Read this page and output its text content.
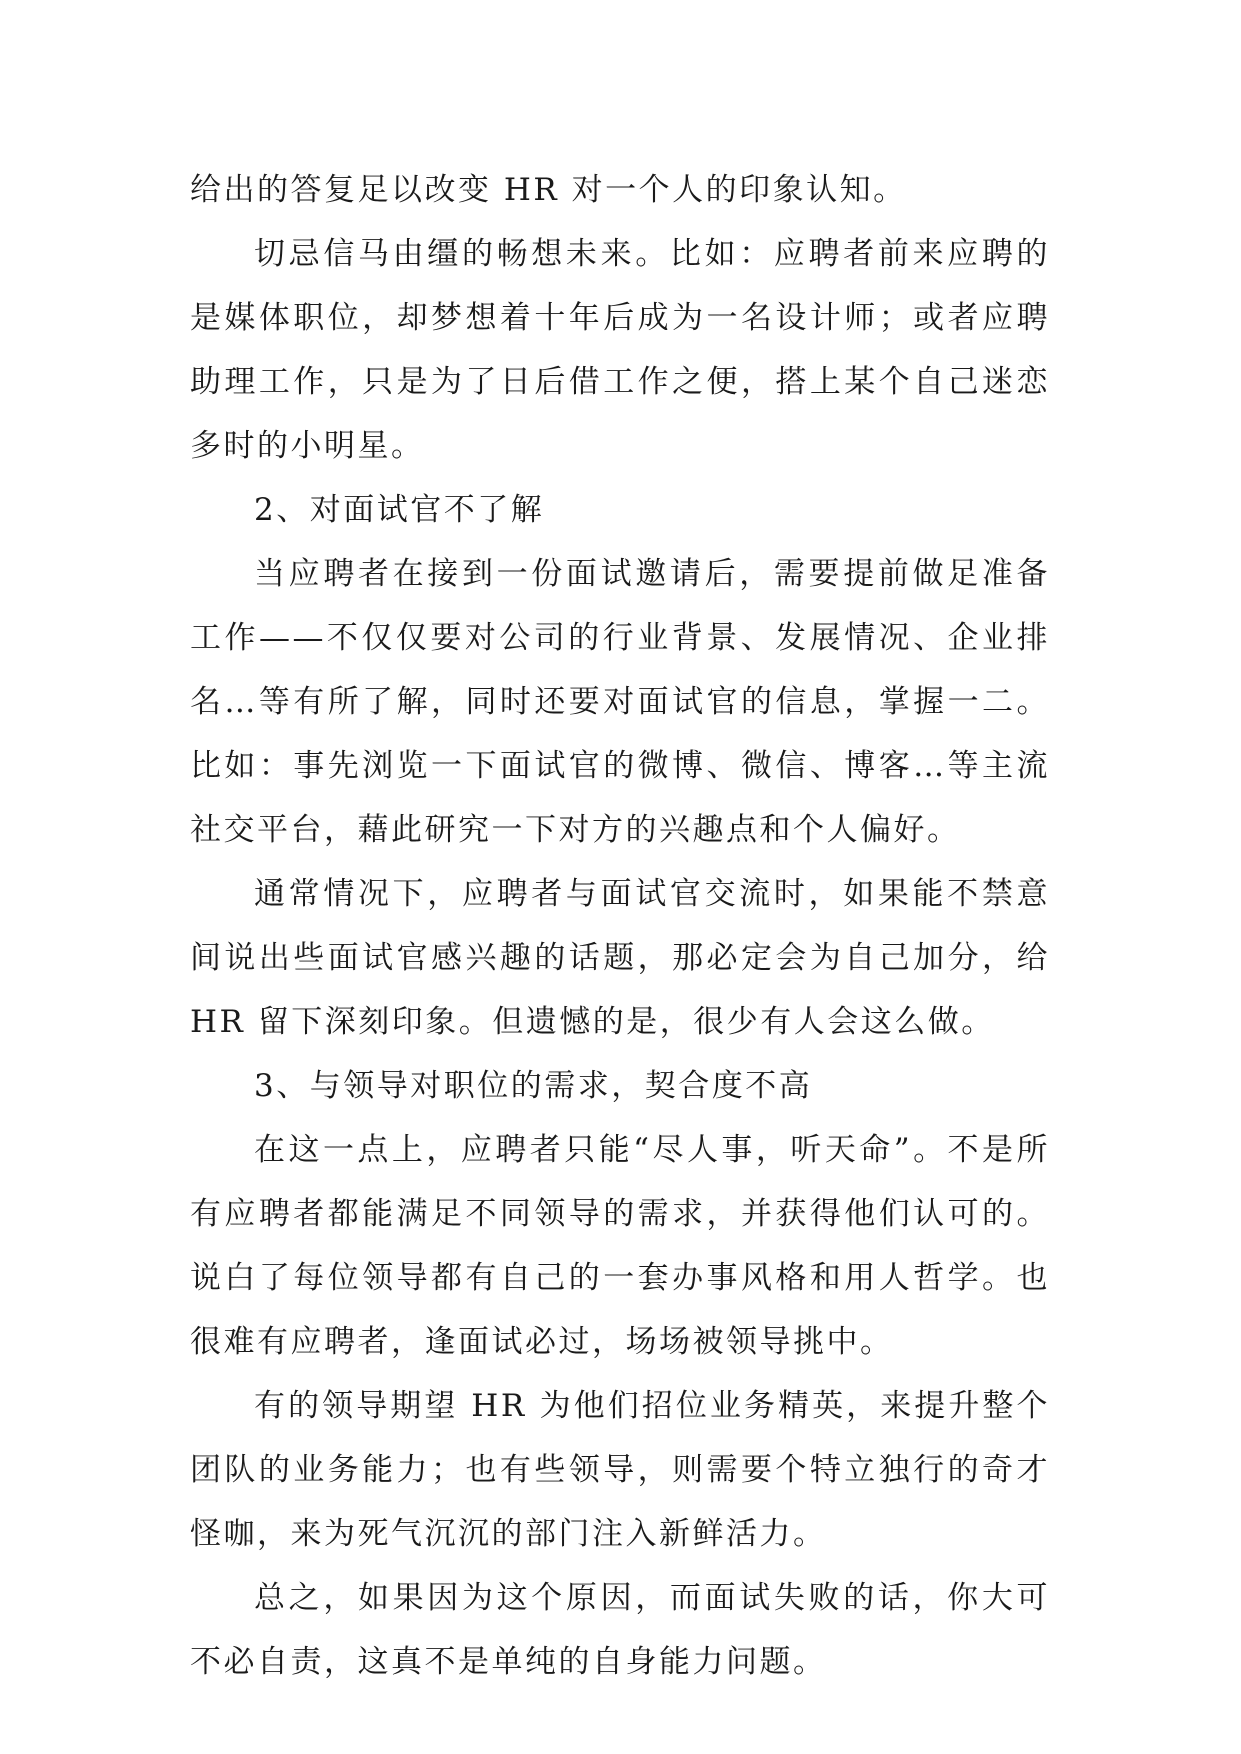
给出的答复足以改变 HR 对一个人的印象认知。

切忌信马由缰的畅想未来。比如：应聘者前来应聘的是媒体职位，却梦想着十年后成为一名设计师；或者应聘助理工作，只是为了日后借工作之便，搭上某个自己迷恋多时的小明星。

2、对面试官不了解

当应聘者在接到一份面试邀请后，需要提前做足准备工作——不仅仅要对公司的行业背景、发展情况、企业排名…等有所了解，同时还要对面试官的信息，掌握一二。比如：事先浏览一下面试官的微博、微信、博客…等主流社交平台，藉此研究一下对方的兴趣点和个人偏好。

通常情况下，应聘者与面试官交流时，如果能不禁意间说出些面试官感兴趣的话题，那必定会为自己加分，给 HR 留下深刻印象。但遗憾的是，很少有人会这么做。

3、与领导对职位的需求，契合度不高

在这一点上，应聘者只能“尽人事，听天命”。不是所有应聘者都能满足不同领导的需求，并获得他们认可的。说白了每位领导都有自己的一套办事风格和用人哲学。也很难有应聘者，逢面试必过，场场被领导挑中。

有的领导期望 HR 为他们招位业务精英，来提升整个团队的业务能力；也有些领导，则需要个特立独行的奇才怪咖，来为死气沉沉的部门注入新鲜活力。

总之，如果因为这个原因，而面试失败的话，你大可不必自责，这真不是单纯的自身能力问题。
